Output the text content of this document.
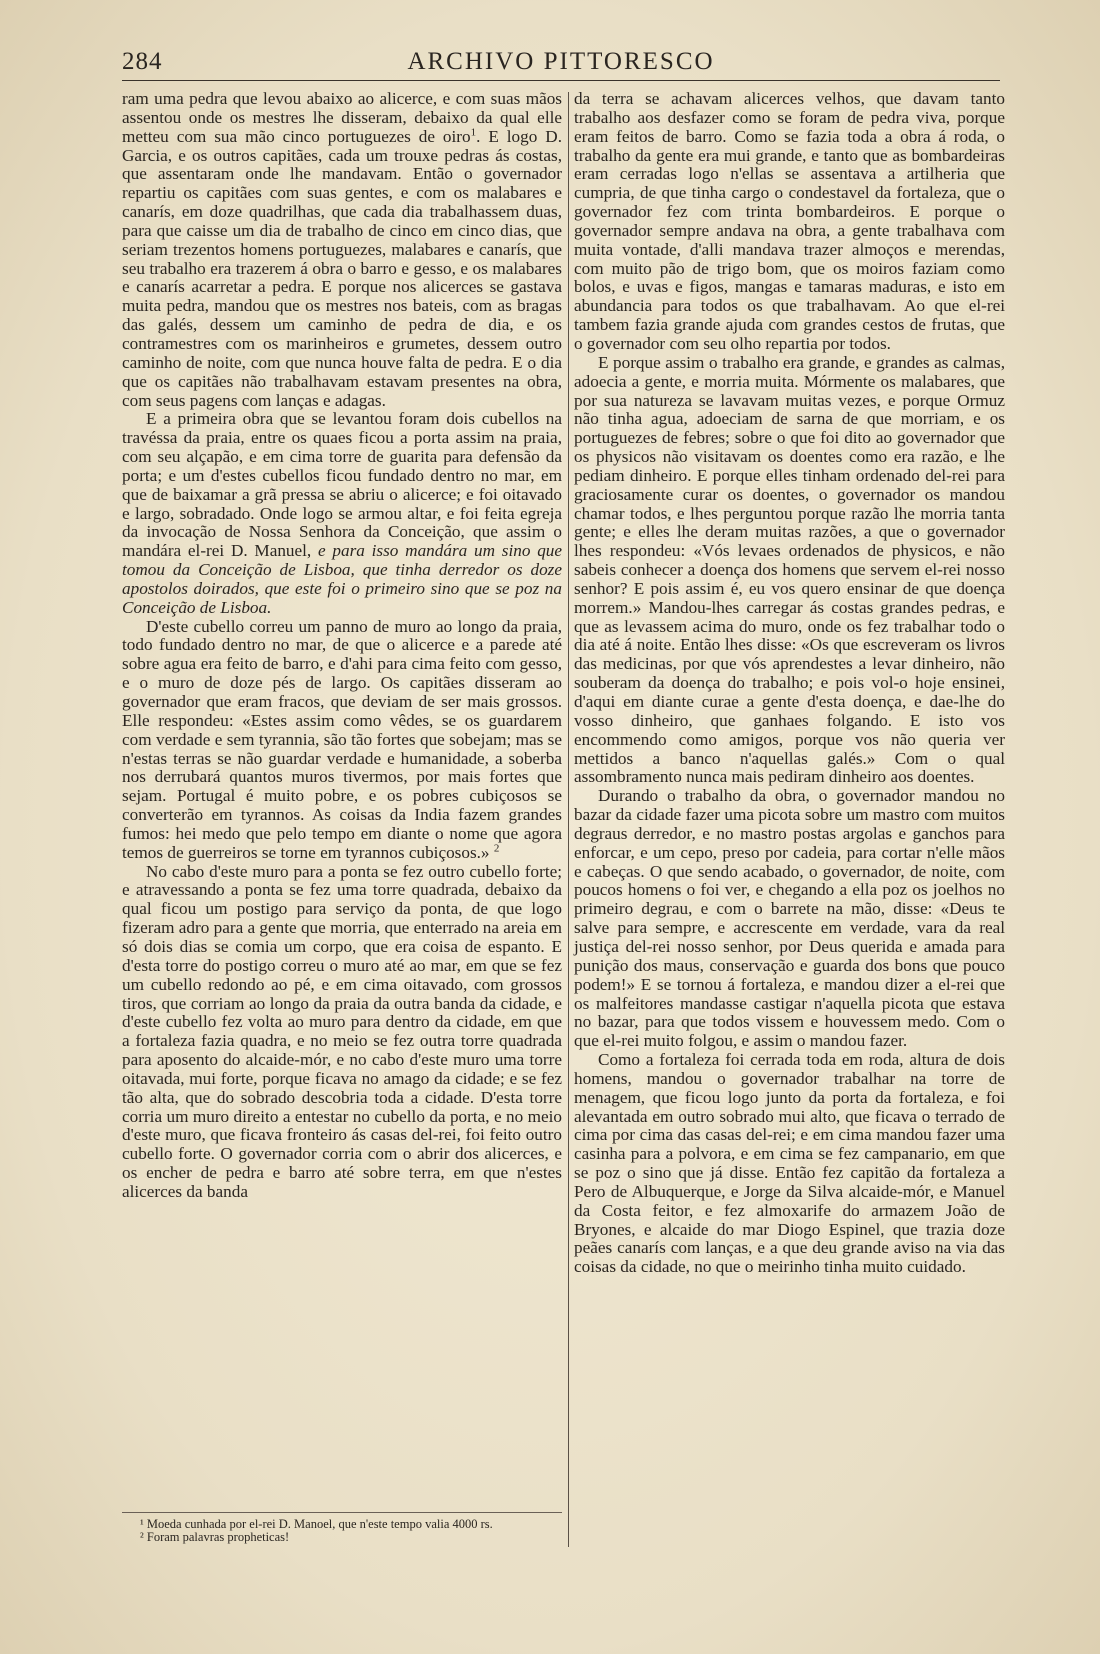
284	ARCHIVO PITTORESCO

ram uma pedra que levou abaixo ao alicerce, e com suas mãos assentou onde os mestres lhe disseram, debaixo da qual elle metteu com sua mão cinco portuguezes de oiro$^1$. E logo D. Garcia, e os outros capitães, cada um trouxe pedras ás costas, que assentaram onde lhe mandavam. Então o governador repartiu os capitães com suas gentes, e com os malabares e canarís, em doze quadrilhas, que cada dia trabalhassem duas, para que caisse um dia de trabalho de cinco em cinco dias, que seriam trezentos homens portuguezes, malabares e canarís, que seu trabalho era trazerem á obra o barro e gesso, e os malabares e canarís acarretar a pedra. E porque nos alicerces se gastava muita pedra, mandou que os mestres nos bateis, com as bragas das galés, dessem um caminho de pedra de dia, e os contramestres com os marinheiros e grumetes, dessem outro caminho de noite, com que nunca houve falta de pedra. E o dia que os capitães não trabalhavam estavam presentes na obra, com seus pagens com lanças e adagas.

E a primeira obra que se levantou foram dois cubellos na travéssa da praia, entre os quaes ficou a porta assim na praia, com seu alçapão, e em cima torre de guarita para defensão da porta; e um d'estes cubellos ficou fundado dentro no mar, em que de baixamar a grã pressa se abriu o alicerce; e foi oitavado e largo, sobradado. Onde logo se armou altar, e foi feita egreja da invocação de Nossa Senhora da Conceição, que assim o mandára el-rei D. Manuel, e para isso mandára um sino que tomou da Conceição de Lisboa, que tinha derredor os doze apostolos doirados, que este foi o primeiro sino que se poz na Conceição de Lisboa.

D'este cubello correu um panno de muro ao longo da praia, todo fundado dentro no mar, de que o alicerce e a parede até sobre agua era feito de barro, e d'ahi para cima feito com gesso, e o muro de doze pés de largo. Os capitães disseram ao governador que eram fracos, que deviam de ser mais grossos. Elle respondeu: «Estes assim como vêdes, se os guardarem com verdade e sem tyrannia, são tão fortes que sobejam; mas se n'estas terras se não guardar verdade e humanidade, a soberba nos derrubará quantos muros tivermos, por mais fortes que sejam. Portugal é muito pobre, e os pobres cubiçosos se converterão em tyrannos. As coisas da India fazem grandes fumos: hei medo que pelo tempo em diante o nome que agora temos de guerreiros se torne em tyrannos cubiçosos.» $^2$

No cabo d'este muro para a ponta se fez outro cubello forte; e atravessando a ponta se fez uma torre quadrada, debaixo da qual ficou um postigo para serviço da ponta, de que logo fizeram adro para a gente que morria, que enterrado na areia em só dois dias se comia um corpo, que era coisa de espanto. E d'esta torre do postigo correu o muro até ao mar, em que se fez um cubello redondo ao pé, e em cima oitavado, com grossos tiros, que corriam ao longo da praia da outra banda da cidade, e d'este cubello fez volta ao muro para dentro da cidade, em que a fortaleza fazia quadra, e no meio se fez outra torre quadrada para aposento do alcaide-mór, e no cabo d'este muro uma torre oitavada, mui forte, porque ficava no amago da cidade; e se fez tão alta, que do sobrado descobria toda a cidade. D'esta torre corria um muro direito a entestar no cubello da porta, e no meio d'este muro, que ficava fronteiro ás casas del-rei, foi feito outro cubello forte. O governador corria com o abrir dos alicerces, e os encher de pedra e barro até sobre terra, em que n'estes alicerces da banda

¹ Moeda cunhada por el-rei D. Manoel, que n'este tempo valia 4000 rs.

² Foram palavras propheticas!

da terra se achavam alicerces velhos, que davam tanto trabalho aos desfazer como se foram de pedra viva, porque eram feitos de barro. Como se fazia toda a obra á roda, o trabalho da gente era mui grande, e tanto que as bombardeiras eram cerradas logo n'ellas se assentava a artilheria que cumpria, de que tinha cargo o condestavel da fortaleza, que o governador fez com trinta bombardeiros. E porque o governador sempre andava na obra, a gente trabalhava com muita vontade, d'alli mandava trazer almoços e merendas, com muito pão de trigo bom, que os moiros faziam como bolos, e uvas e figos, mangas e tamaras maduras, e isto em abundancia para todos os que trabalhavam. Ao que el-rei tambem fazia grande ajuda com grandes cestos de frutas, que o governador com seu olho repartia por todos.

E porque assim o trabalho era grande, e grandes as calmas, adoecia a gente, e morria muita. Mórmente os malabares, que por sua natureza se lavavam muitas vezes, e porque Ormuz não tinha agua, adoeciam de sarna de que morriam, e os portuguezes de febres; sobre o que foi dito ao governador que os physicos não visitavam os doentes como era razão, e lhe pediam dinheiro. E porque elles tinham ordenado del-rei para graciosamente curar os doentes, o governador os mandou chamar todos, e lhes perguntou porque razão lhe morria tanta gente; e elles lhe deram muitas razões, a que o governador lhes respondeu: «Vós levaes ordenados de physicos, e não sabeis conhecer a doença dos homens que servem el-rei nosso senhor? E pois assim é, eu vos quero ensinar de que doença morrem.» Mandou-lhes carregar ás costas grandes pedras, e que as levassem acima do muro, onde os fez trabalhar todo o dia até á noite. Então lhes disse: «Os que escreveram os livros das medicinas, por que vós aprendestes a levar dinheiro, não souberam da doença do trabalho; e pois vol-o hoje ensinei, d'aqui em diante curae a gente d'esta doença, e dae-lhe do vosso dinheiro, que ganhaes folgando. E isto vos encommendo como amigos, porque vos não queria ver mettidos a banco n'aquellas galés.» Com o qual assombramento nunca mais pediram dinheiro aos doentes.

Durando o trabalho da obra, o governador mandou no bazar da cidade fazer uma picota sobre um mastro com muitos degraus derredor, e no mastro postas argolas e ganchos para enforcar, e um cepo, preso por cadeia, para cortar n'elle mãos e cabeças. O que sendo acabado, o governador, de noite, com poucos homens o foi ver, e chegando a ella poz os joelhos no primeiro degrau, e com o barrete na mão, disse: «Deus te salve para sempre, e accrescente em verdade, vara da real justiça del-rei nosso senhor, por Deus querida e amada para punição dos maus, conservação e guarda dos bons que pouco podem!» E se tornou á fortaleza, e mandou dizer a el-rei que os malfeitores mandasse castigar n'aquella picota que estava no bazar, para que todos vissem e houvessem medo. Com o que el-rei muito folgou, e assim o mandou fazer.

Como a fortaleza foi cerrada toda em roda, altura de dois homens, mandou o governador trabalhar na torre de menagem, que ficou logo junto da porta da fortaleza, e foi alevantada em outro sobrado mui alto, que ficava o terrado de cima por cima das casas del-rei; e em cima mandou fazer uma casinha para a polvora, e em cima se fez campanario, em que se poz o sino que já disse. Então fez capitão da fortaleza a Pero de Albuquerque, e Jorge da Silva alcaide-mór, e Manuel da Costa feitor, e fez almoxarife do armazem João de Bryones, e alcaide do mar Diogo Espinel, que trazia doze peães canarís com lanças, e a que deu grande aviso na via das coisas da cidade, no que o meirinho tinha muito cuidado.
